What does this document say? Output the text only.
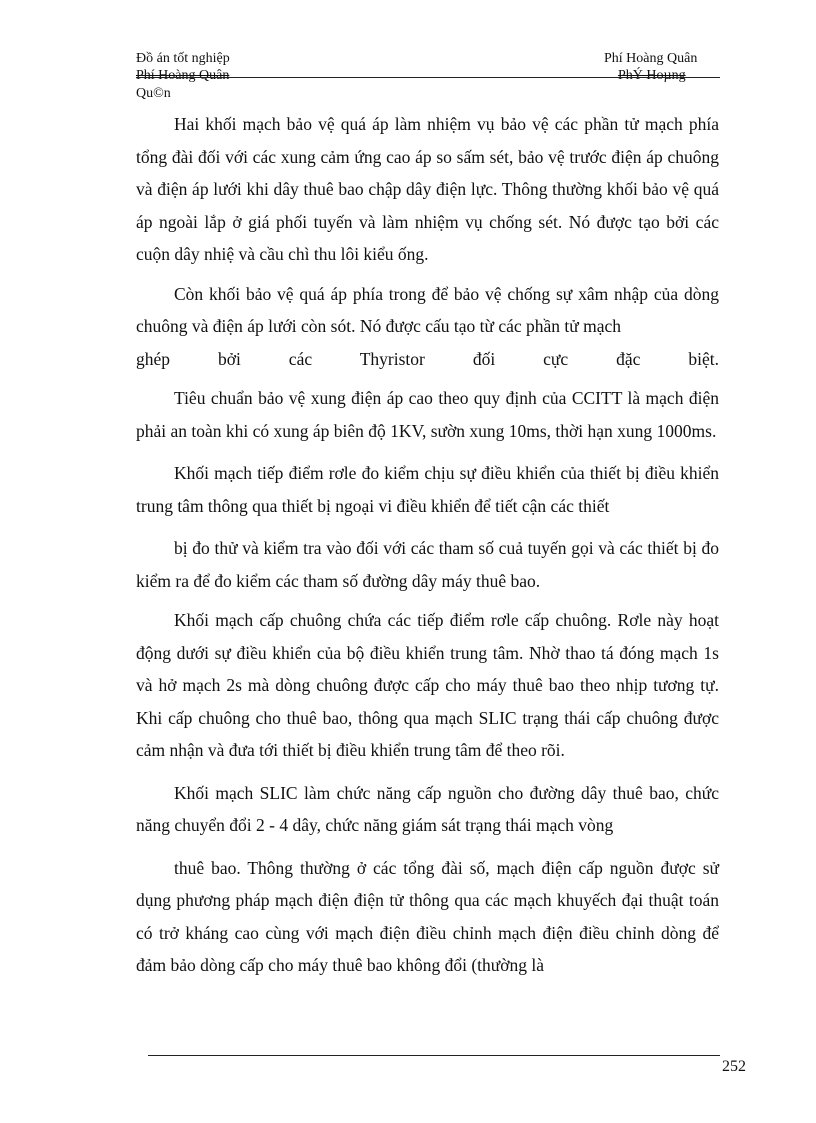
Đồ án tốt nghiệp	Phí Hoàng Quân
Phí Hoàng Quân	PhÝ Hoµng
Qu©n

Hai khối mạch bảo vệ quá áp làm nhiệm vụ bảo vệ các phần tử mạch phía tổng đài đối với các xung cảm ứng cao áp so sấm sét, bảo vệ trước điện áp chuông và điện áp lưới khi dây thuê bao chập dây điện lực. Thông thường khối bảo vệ quá áp ngoài lắp ở giá phối tuyến và làm nhiệm vụ chống sét. Nó được tạo bởi các cuộn dây nhiệ và cầu chì thu lôi kiểu ống.

Còn khối bảo vệ quá áp phía trong để bảo vệ chống sự xâm nhập của dòng chuông và điện áp lưới còn sót. Nó được cấu tạo từ các phần tử mạch

ghép bởi các Thyristor đối cực đặc biệt.

Tiêu chuẩn bảo vệ xung điện áp cao theo quy định của CCITT là mạch điện phải an toàn khi có xung áp biên độ 1KV, sườn xung 10ms, thời hạn xung 1000ms.

Khối mạch tiếp điểm rơle đo kiểm chịu sự điều khiển của thiết bị điều khiển trung tâm thông qua thiết bị ngoại vi điều khiển để tiết cận các thiết

bị đo thử và kiểm tra vào đối với các tham số cuả tuyến gọi và các thiết bị đo kiểm ra để đo kiểm các tham số đường dây máy thuê bao.

Khối mạch cấp chuông chứa các tiếp điểm rơle cấp chuông. Rơle này hoạt động dưới sự điều khiển của bộ điều khiển trung tâm. Nhờ thao tá đóng mạch 1s và hở mạch 2s mà dòng chuông được cấp cho máy thuê bao theo nhịp tương tự. Khi cấp chuông cho thuê bao, thông qua mạch SLIC trạng thái cấp chuông được cảm nhận và đưa tới thiết bị điều khiển trung tâm để theo rõi.

Khối mạch SLIC làm chức năng cấp nguồn cho đường dây thuê bao, chức năng chuyển đổi 2 - 4 dây, chức năng giám sát trạng thái mạch vòng

thuê bao. Thông thường ở các tổng đài số, mạch điện cấp nguồn được sử dụng phương pháp mạch điện điện tử thông qua các mạch khuyếch đại thuật toán có trở kháng cao cùng với mạch điện điều chỉnh mạch điện điều chỉnh dòng để đảm bảo dòng cấp cho máy thuê bao không đổi (thường là

252
